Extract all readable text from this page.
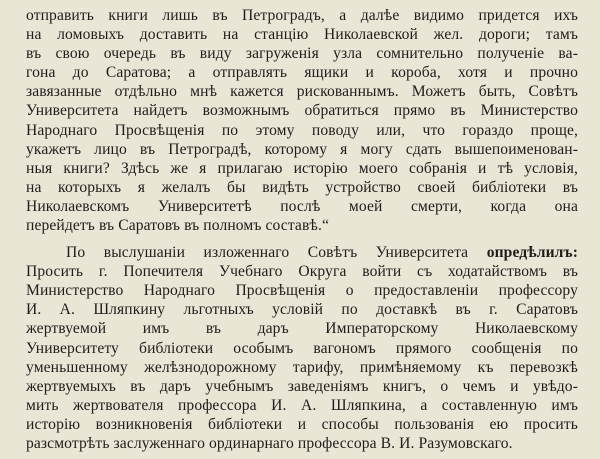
отправить книги лишь въ Петроградъ, а далѣе видимо придется ихъ
на ломовыхъ доставить на станцію Николаевской жел. дороги; тамъ
въ свою очередь въ виду загруженія узла сомнительно полученіе ва-
гона до Саратова; а отправлять ящики и короба, хотя и прочно
завязанные отдѣльно мнѣ кажется рискованнымъ. Можетъ быть, Совѣтъ
Университета найдетъ возможнымъ обратиться прямо въ Министерство
Народнаго Просвѣщенія по этому поводу или, что гораздо проще,
укажетъ лицо въ Петроградѣ, которому я могу сдать вышепоименован-
ныя книги? Здѣсь же я прилагаю исторію моего собранія и тѣ условія,
на которыхъ я желалъ бы видѣть устройство своей библіотеки въ
Николаевскомъ Университетѣ послѣ моей смерти, когда она
перейдетъ въ Саратовъ въ полномъ составѣ.“
По выслушаніи изложеннаго Совѣтъ Университета опредѣлилъ:
Просить г. Попечителя Учебнаго Округа войти съ ходатайствомъ въ
Министерство Народнаго Просвѣщенія о предоставленіи профессору
И. А. Шляпкину льготныхъ условій по доставкѣ въ г. Саратовъ
жертвуемой имъ въ даръ Императорскому Николаевскому
Университету библіотеки особымъ вагономъ прямого сообщенія по
уменьшенному желѣзнодорожному тарифу, примѣняемому къ перевозкѣ
жертвуемыхъ въ даръ учебнымъ заведеніямъ книгъ, о чемъ и увѣдо-
мить жертвователя профессора И. А. Шляпкина, а составленную имъ
исторію возникновенія библіотеки и способы пользованія ею просить
разсмотрѣть заслуженнаго ординарнаго профессора В. И. Разумовскаго.
